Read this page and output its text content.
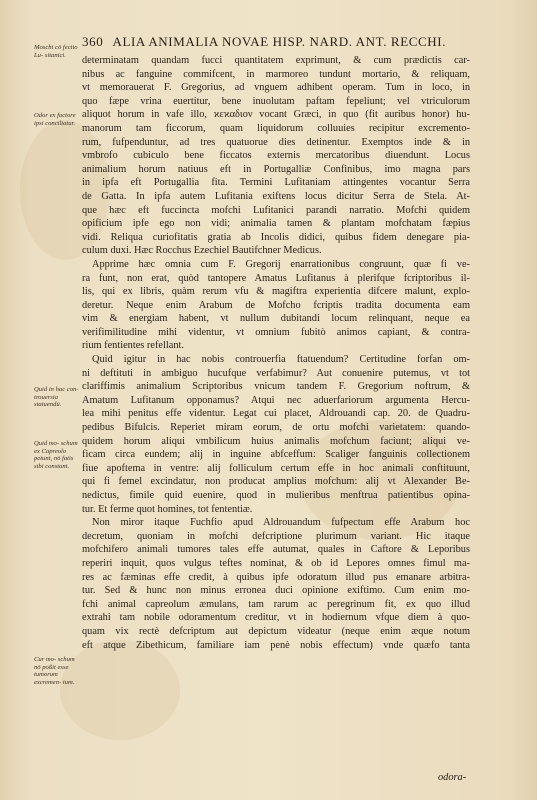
360 ALIA ANIMALIA NOVAE HISP. NARD. ANT. RECCHI.
Moschi cō fectio Lu- sitanici.
Odor ex factore ipsi conciliatur.
Quid in hac con- trouersia statuendū.
Quid mo- schum ex Capreolo petunt, nō fatis sibi constant.
Cur mo- schum nō poßit esse tumorum excremen- tum.
determinatam quandam fucci quantitatem exprimunt, & cum prædictis car-
nibus ac fanguine commifcent, in marmoreo tundunt mortario, & reliquam,
vt memorauerat F. Gregorius, ad vnguem adhibent operam. Tum in loco, in
quo fæpe vrina euertitur, bene inuolutam paftam fepeliunt; vel vtriculorum
aliquot horum in vafe illo, ϰεϰαδιον vocant Græci, in quo (fit auribus honor) hu-
manorum tam ficcorum, quam liquidorum colluuies recipitur excremento-
rum, fufpenduntur, ad tres quatuorue dies detinentur. Exemptos inde & in
vmbrofo cubiculo bene ficcatos externis mercatoribus diuendunt. Locus
animalium horum natiuus eft in Portugalliæ Confinibus, imo magna pars
in ipfa eft Portugallia fita. Termini Lufitaniam attingentes vocantur Serra
de Gatta. In ipfa autem Lufitania exiftens locus dicitur Serra de Stela. At-
que hæc eft fuccincta mofchi Lufitanici parandi narratio. Mofchi quidem
opificium ipfe ego non vidi; animalia tamen & plantam mofchatam fæpius
vidi. Reliqua curiofitatis gratia ab Incolis didici, quibus fidem denegare pia-
culum duxi. Hæc Rocchus Ezechiel Bautifchner Medicus.
Apprime hæc omnia cum F. Gregorij enarrationibus congruunt, quæ fi ve-
ra funt, non erat, quòd tantopere Amatus Lufitanus à plerifque fcriptoribus il-
lis, qui ex libris, quàm rerum vfu & magiftra experientia difcere malunt, explo-
deretur. Neque enim Arabum de Mofcho fcriptis tradita documenta eam
vim & energiam habent, vt nullum dubitandi locum relinquant, neque ea
verifimilitudine mihi videntur, vt omnium fubitò animos capiant, & contra-
rium fentientes refellant.
Quid igitur in hac nobis controuerfia ftatuendum? Certitudine forfan om-
ni deftituti in ambiguo hucufque verfabimur? Aut conuenire putemus, vt tot
clariffimis animalium Scriptoribus vnicum tandem F. Gregorium noftrum, &
Amatum Lufitanum opponamus? Atqui nec aduerfariorum argumenta Hercu-
lea mihi penitus effe videntur. Legat cui placet, Aldrouandi cap. 20. de Quadru-
pedibus Bifulcis. Reperiet miram eorum, de ortu mofchi varietatem: quando-
quidem horum aliqui vmbilicum huius animalis mofchum faciunt; aliqui ve-
ficam circa eundem; alij in inguine abfceffum: Scaliger fanguinis collectionem
fiue apoftema in ventre: alij folliculum certum effe in hoc animali conftituunt,
qui fi femel excindatur, non producat amplius mofchum: alij vt Alexander Be-
nedictus, fimile quid euenire, quod in mulieribus menftrua patientibus opina-
tur. Et ferme quot homines, tot fententiæ.
Non miror itaque Fuchfio apud Aldrouandum fufpectum effe Arabum hoc
decretum, quoniam in mofchi defcriptione plurimum variant. Hic itaque
mofchifero animali tumores tales effe autumat, quales in Caftore & Leporibus
reperiri inquit, quos vulgus teftes nominat, & ob id Lepores omnes fimul ma-
res ac fæminas effe credit, à quibus ipfe odoratum illud pus emanare arbitra-
tur. Sed & hunc non minus erronea duci opinione exiftimo. Cum enim mo-
fchi animal capreolum æmulans, tam rarum ac peregrinum fit, ex quo illud
extrahi tam nobile odoramentum creditur, vt in hodiernum vfque diem à quo-
quam vix rectè defcriptum aut depictum videatur (neque enim æque notum
eft atque Zibethicum, familiare iam penè nobis effectum) vnde quæfo tanta
odora-
